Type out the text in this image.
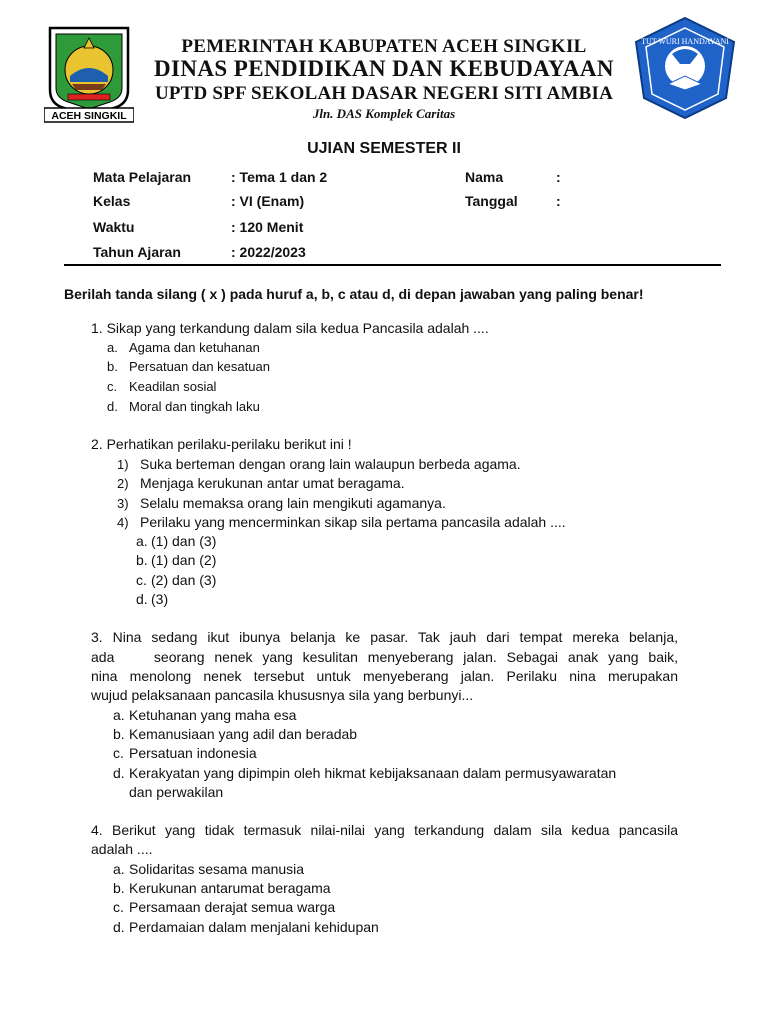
ACEH SINGKIL
TUT WURI HANDAYANI
PEMERINTAH KABUPATEN ACEH SINGKIL
DINAS PENDIDIKAN DAN KEBUDAYAAN
UPTD SPF SEKOLAH DASAR NEGERI SITI AMBIA
Jln. DAS Komplek Caritas
UJIAN SEMESTER II
Mata Pelajaran	: Tema 1 dan 2
Kelas	: VI (Enam)
Waktu	: 120 Menit
Tahun Ajaran	: 2022/2023
Nama	:
Tanggal	:
Berilah tanda silang ( x ) pada huruf a, b, c atau d, di depan jawaban yang paling benar!
1. Sikap yang terkandung dalam sila kedua Pancasila adalah ....
a. Agama dan ketuhanan
b. Persatuan dan kesatuan
c. Keadilan sosial
d. Moral dan tingkah laku
2. Perhatikan perilaku-perilaku berikut ini !
1) Suka berteman dengan orang lain walaupun berbeda agama.
2) Menjaga kerukunan antar umat beragama.
3) Selalu memaksa orang lain mengikuti agamanya.
4) Perilaku yang mencerminkan sikap sila pertama pancasila adalah ....
a. (1) dan (3)
b. (1) dan (2)
c. (2) dan (3)
d. (3)
3. Nina sedang ikut ibunya belanja ke pasar. Tak jauh dari tempat mereka belanja,
ada    seorang nenek yang kesulitan menyeberang jalan. Sebagai anak yang baik,
nina menolong nenek tersebut untuk menyeberang jalan. Perilaku nina merupakan
wujud pelaksanaan pancasila khususnya sila yang berbunyi...
a. Ketuhanan yang maha esa
b. Kemanusiaan yang adil dan beradab
c. Persatuan indonesia
d. Kerakyatan yang dipimpin oleh hikmat kebijaksanaan dalam permusyawaratan
dan perwakilan
4. Berikut yang tidak termasuk nilai-nilai yang terkandung dalam sila kedua pancasila
adalah ....
a. Solidaritas sesama manusia
b. Kerukunan antarumat beragama
c. Persamaan derajat semua warga
d. Perdamaian dalam menjalani kehidupan
